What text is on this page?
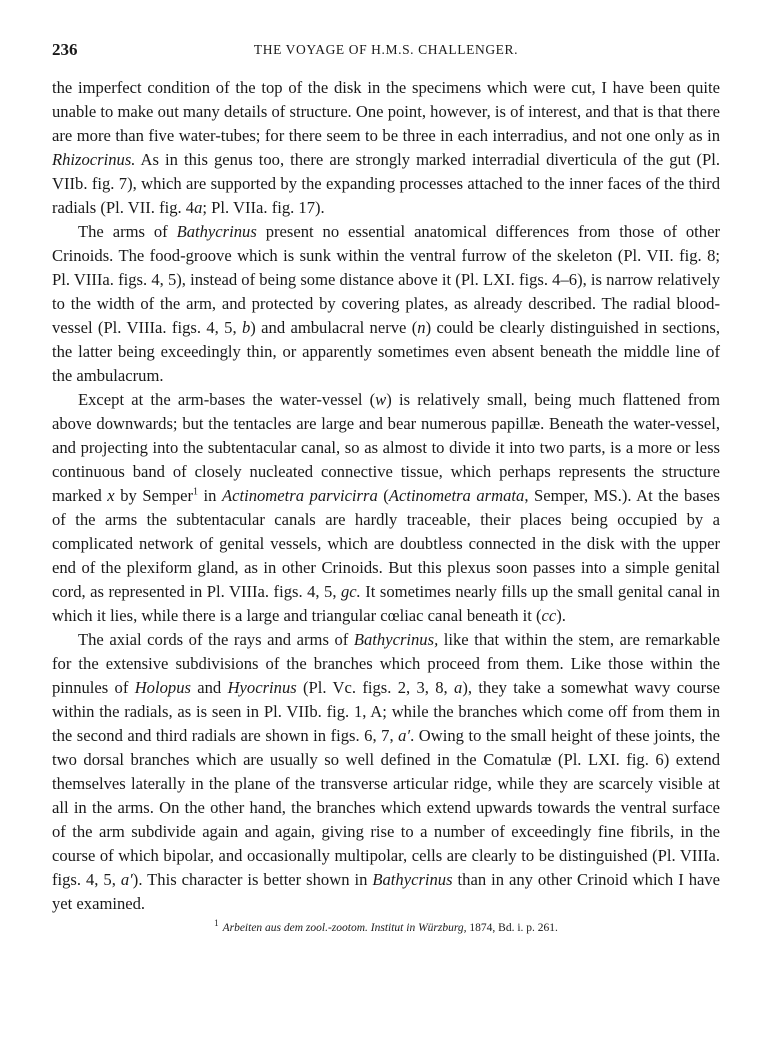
236	THE VOYAGE OF H.M.S. CHALLENGER.

the imperfect condition of the top of the disk in the specimens which were cut, I have been quite unable to make out many details of structure. One point, however, is of interest, and that is that there are more than five water-tubes; for there seem to be three in each interradius, and not one only as in Rhizocrinus. As in this genus too, there are strongly marked interradial diverticula of the gut (Pl. VIIb. fig. 7), which are supported by the expanding processes attached to the inner faces of the third radials (Pl. VII. fig. 4a; Pl. VIIa. fig. 17).

The arms of Bathycrinus present no essential anatomical differences from those of other Crinoids. The food-groove which is sunk within the ventral furrow of the skeleton (Pl. VII. fig. 8; Pl. VIIIa. figs. 4, 5), instead of being some distance above it (Pl. LXI. figs. 4–6), is narrow relatively to the width of the arm, and protected by covering plates, as already described. The radial blood-vessel (Pl. VIIIa. figs. 4, 5, b) and ambulacral nerve (n) could be clearly distinguished in sections, the latter being exceedingly thin, or apparently sometimes even absent beneath the middle line of the ambulacrum.

Except at the arm-bases the water-vessel (w) is relatively small, being much flattened from above downwards; but the tentacles are large and bear numerous papillæ. Beneath the water-vessel, and projecting into the subtentacular canal, so as almost to divide it into two parts, is a more or less continuous band of closely nucleated connective tissue, which perhaps represents the structure marked x by Semper$^1$ in Actinometra parvicirra (Actinometra armata, Semper, MS.). At the bases of the arms the subtentacular canals are hardly traceable, their places being occupied by a complicated network of genital vessels, which are doubtless connected in the disk with the upper end of the plexiform gland, as in other Crinoids. But this plexus soon passes into a simple genital cord, as represented in Pl. VIIIa. figs. 4, 5, gc. It sometimes nearly fills up the small genital canal in which it lies, while there is a large and triangular cœliac canal beneath it (cc).

The axial cords of the rays and arms of Bathycrinus, like that within the stem, are remarkable for the extensive subdivisions of the branches which proceed from them. Like those within the pinnules of Holopus and Hyocrinus (Pl. Vc. figs. 2, 3, 8, a), they take a somewhat wavy course within the radials, as is seen in Pl. VIIb. fig. 1, A; while the branches which come off from them in the second and third radials are shown in figs. 6, 7, a′. Owing to the small height of these joints, the two dorsal branches which are usually so well defined in the Comatulæ (Pl. LXI. fig. 6) extend themselves laterally in the plane of the transverse articular ridge, while they are scarcely visible at all in the arms. On the other hand, the branches which extend upwards towards the ventral surface of the arm subdivide again and again, giving rise to a number of exceedingly fine fibrils, in the course of which bipolar, and occasionally multipolar, cells are clearly to be distinguished (Pl. VIIIa. figs. 4, 5, a′). This character is better shown in Bathycrinus than in any other Crinoid which I have yet examined.

$^1$ Arbeiten aus dem zool.-zootom. Institut in Würzburg, 1874, Bd. i. p. 261.
